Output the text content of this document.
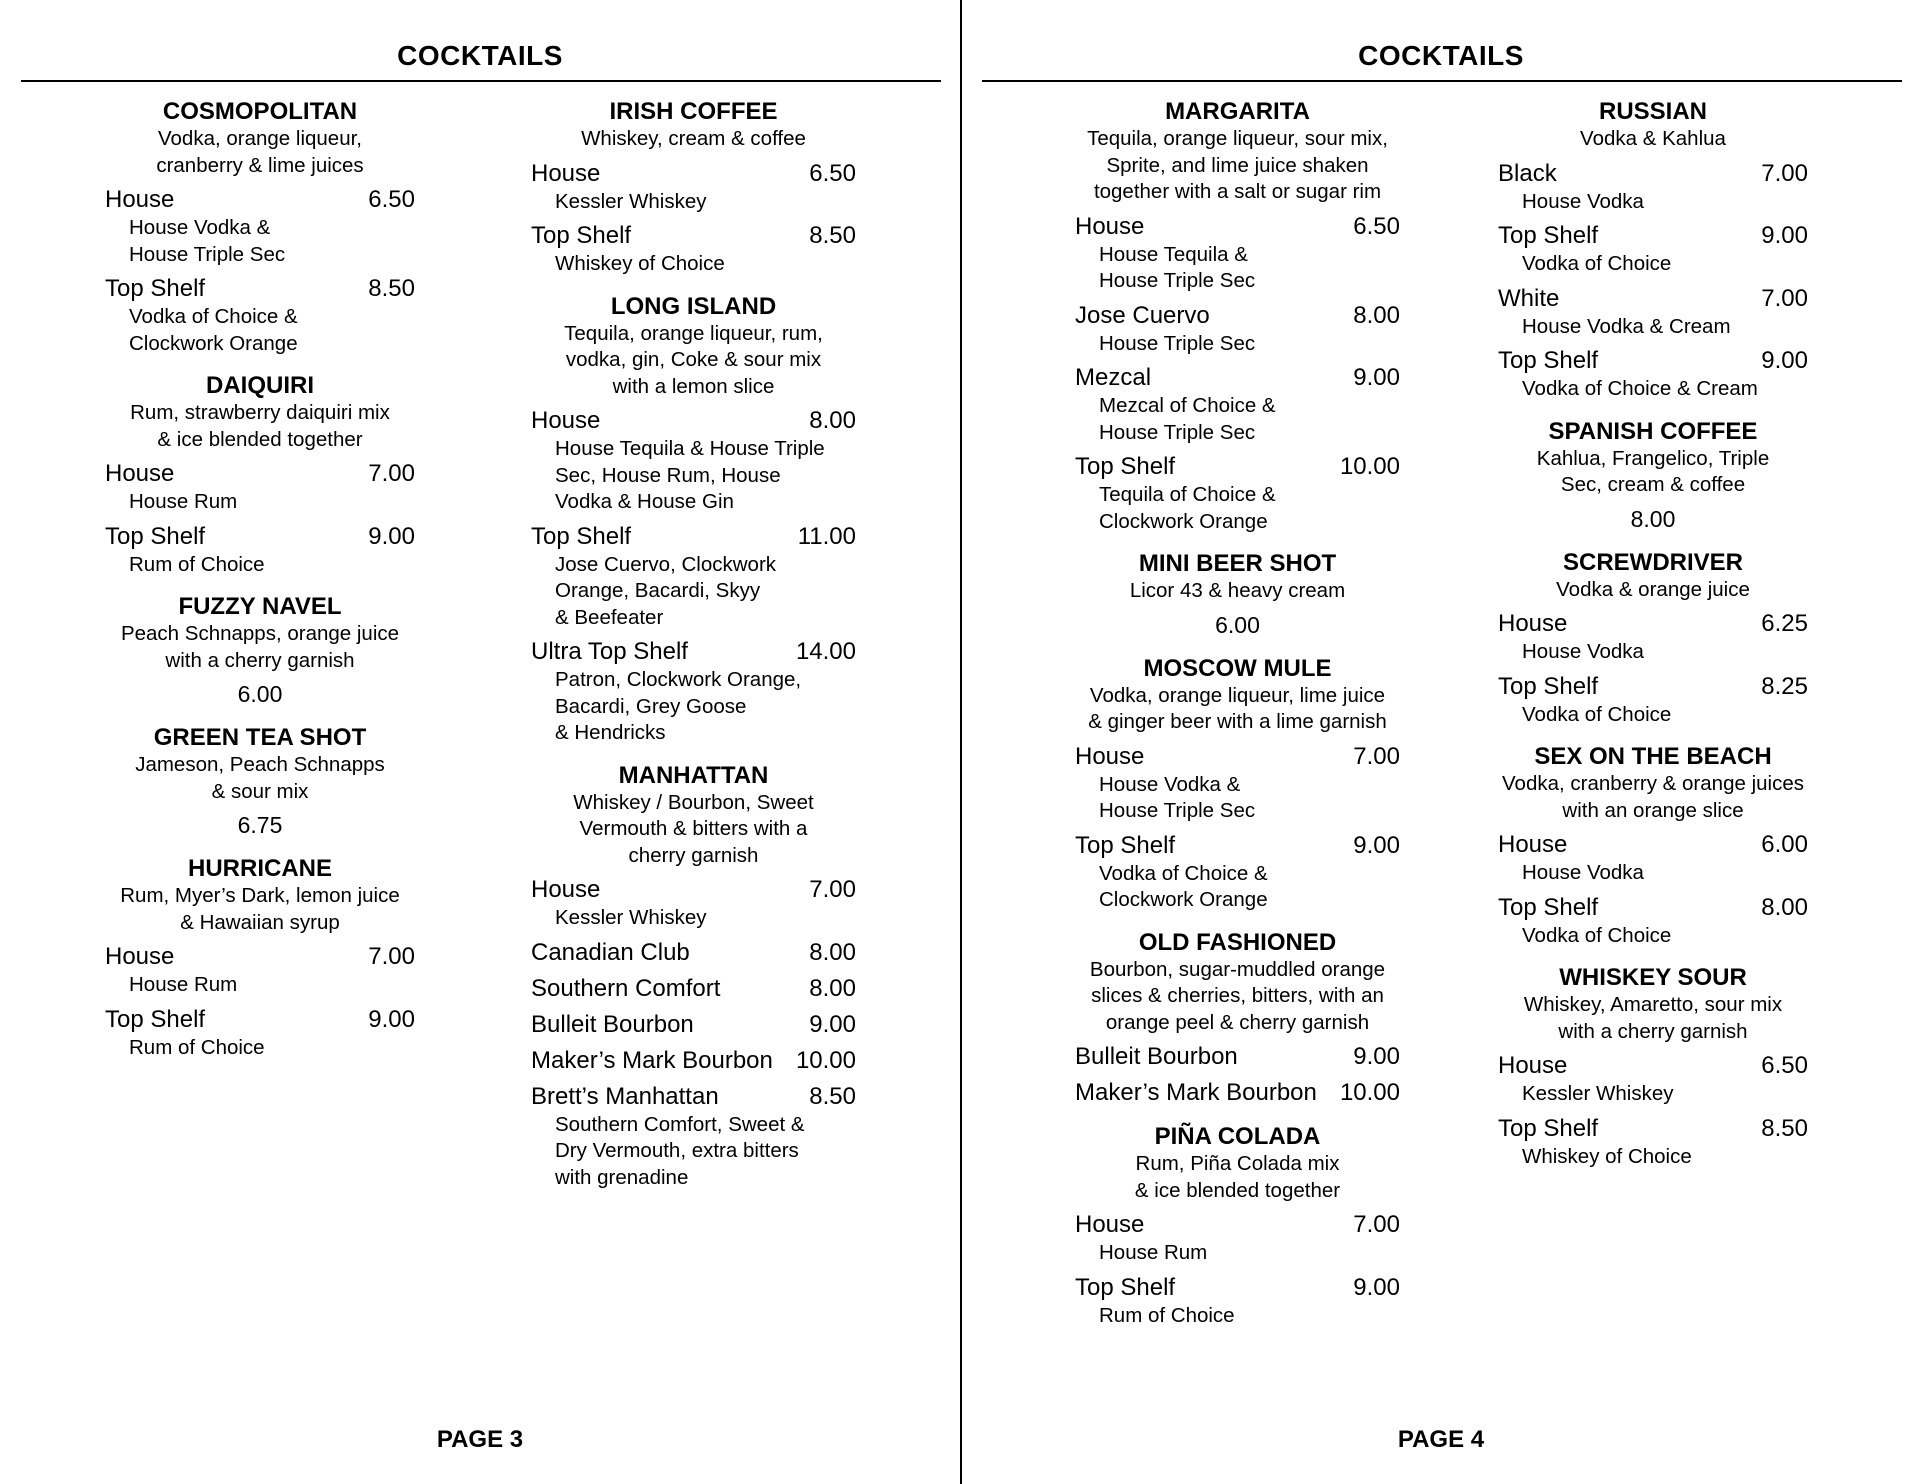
COCKTAILS
COSMOPOLITAN
Vodka, orange liqueur,
cranberry & lime juices
House	6.50
House Vodka &
House Triple Sec
Top Shelf	8.50
Vodka of Choice &
Clockwork Orange
DAIQUIRI
Rum, strawberry daiquiri mix
& ice blended together
House	7.00
House Rum
Top Shelf	9.00
Rum of Choice
FUZZY NAVEL
Peach Schnapps, orange juice
with a cherry garnish
6.00
GREEN TEA SHOT
Jameson, Peach Schnapps
& sour mix
6.75
HURRICANE
Rum, Myer’s Dark, lemon juice
& Hawaiian syrup
House	7.00
House Rum
Top Shelf	9.00
Rum of Choice
IRISH COFFEE
Whiskey, cream & coffee
House	6.50
Kessler Whiskey
Top Shelf	8.50
Whiskey of Choice
LONG ISLAND
Tequila, orange liqueur, rum,
vodka, gin, Coke & sour mix
with a lemon slice
House	8.00
House Tequila & House Triple
Sec, House Rum, House
Vodka & House Gin
Top Shelf	11.00
Jose Cuervo, Clockwork
Orange, Bacardi, Skyy
& Beefeater
Ultra Top Shelf	14.00
Patron, Clockwork Orange,
Bacardi, Grey Goose
& Hendricks
MANHATTAN
Whiskey / Bourbon, Sweet
Vermouth & bitters with a
cherry garnish
House	7.00
Kessler Whiskey
Canadian Club	8.00
Southern Comfort	8.00
Bulleit Bourbon	9.00
Maker’s Mark Bourbon 10.00
Brett’s Manhattan	8.50
Southern Comfort, Sweet &
Dry Vermouth, extra bitters
with grenadine
PAGE 3
COCKTAILS
MARGARITA
Tequila, orange liqueur, sour mix,
Sprite, and lime juice shaken
together with a salt or sugar rim
House	6.50
House Tequila &
House Triple Sec
Jose Cuervo	8.00
House Triple Sec
Mezcal	9.00
Mezcal of Choice &
House Triple Sec
Top Shelf	10.00
Tequila of Choice &
Clockwork Orange
MINI BEER SHOT
Licor 43 & heavy cream
6.00
MOSCOW MULE
Vodka, orange liqueur, lime juice
& ginger beer with a lime garnish
House	7.00
House Vodka &
House Triple Sec
Top Shelf	9.00
Vodka of Choice &
Clockwork Orange
OLD FASHIONED
Bourbon, sugar-muddled orange
slices & cherries, bitters, with an
orange peel & cherry garnish
Bulleit Bourbon	9.00
Maker’s Mark Bourbon 10.00
PIÑA COLADA
Rum, Piña Colada mix
& ice blended together
House	7.00
House Rum
Top Shelf	9.00
Rum of Choice
RUSSIAN
Vodka & Kahlua
Black	7.00
House Vodka
Top Shelf	9.00
Vodka of Choice
White	7.00
House Vodka & Cream
Top Shelf	9.00
Vodka of Choice & Cream
SPANISH COFFEE
Kahlua, Frangelico, Triple
Sec, cream & coffee
8.00
SCREWDRIVER
Vodka & orange juice
House	6.25
House Vodka
Top Shelf	8.25
Vodka of Choice
SEX ON THE BEACH
Vodka, cranberry & orange juices
with an orange slice
House	6.00
House Vodka
Top Shelf	8.00
Vodka of Choice
WHISKEY SOUR
Whiskey, Amaretto, sour mix
with a cherry garnish
House	6.50
Kessler Whiskey
Top Shelf	8.50
Whiskey of Choice
PAGE 4
